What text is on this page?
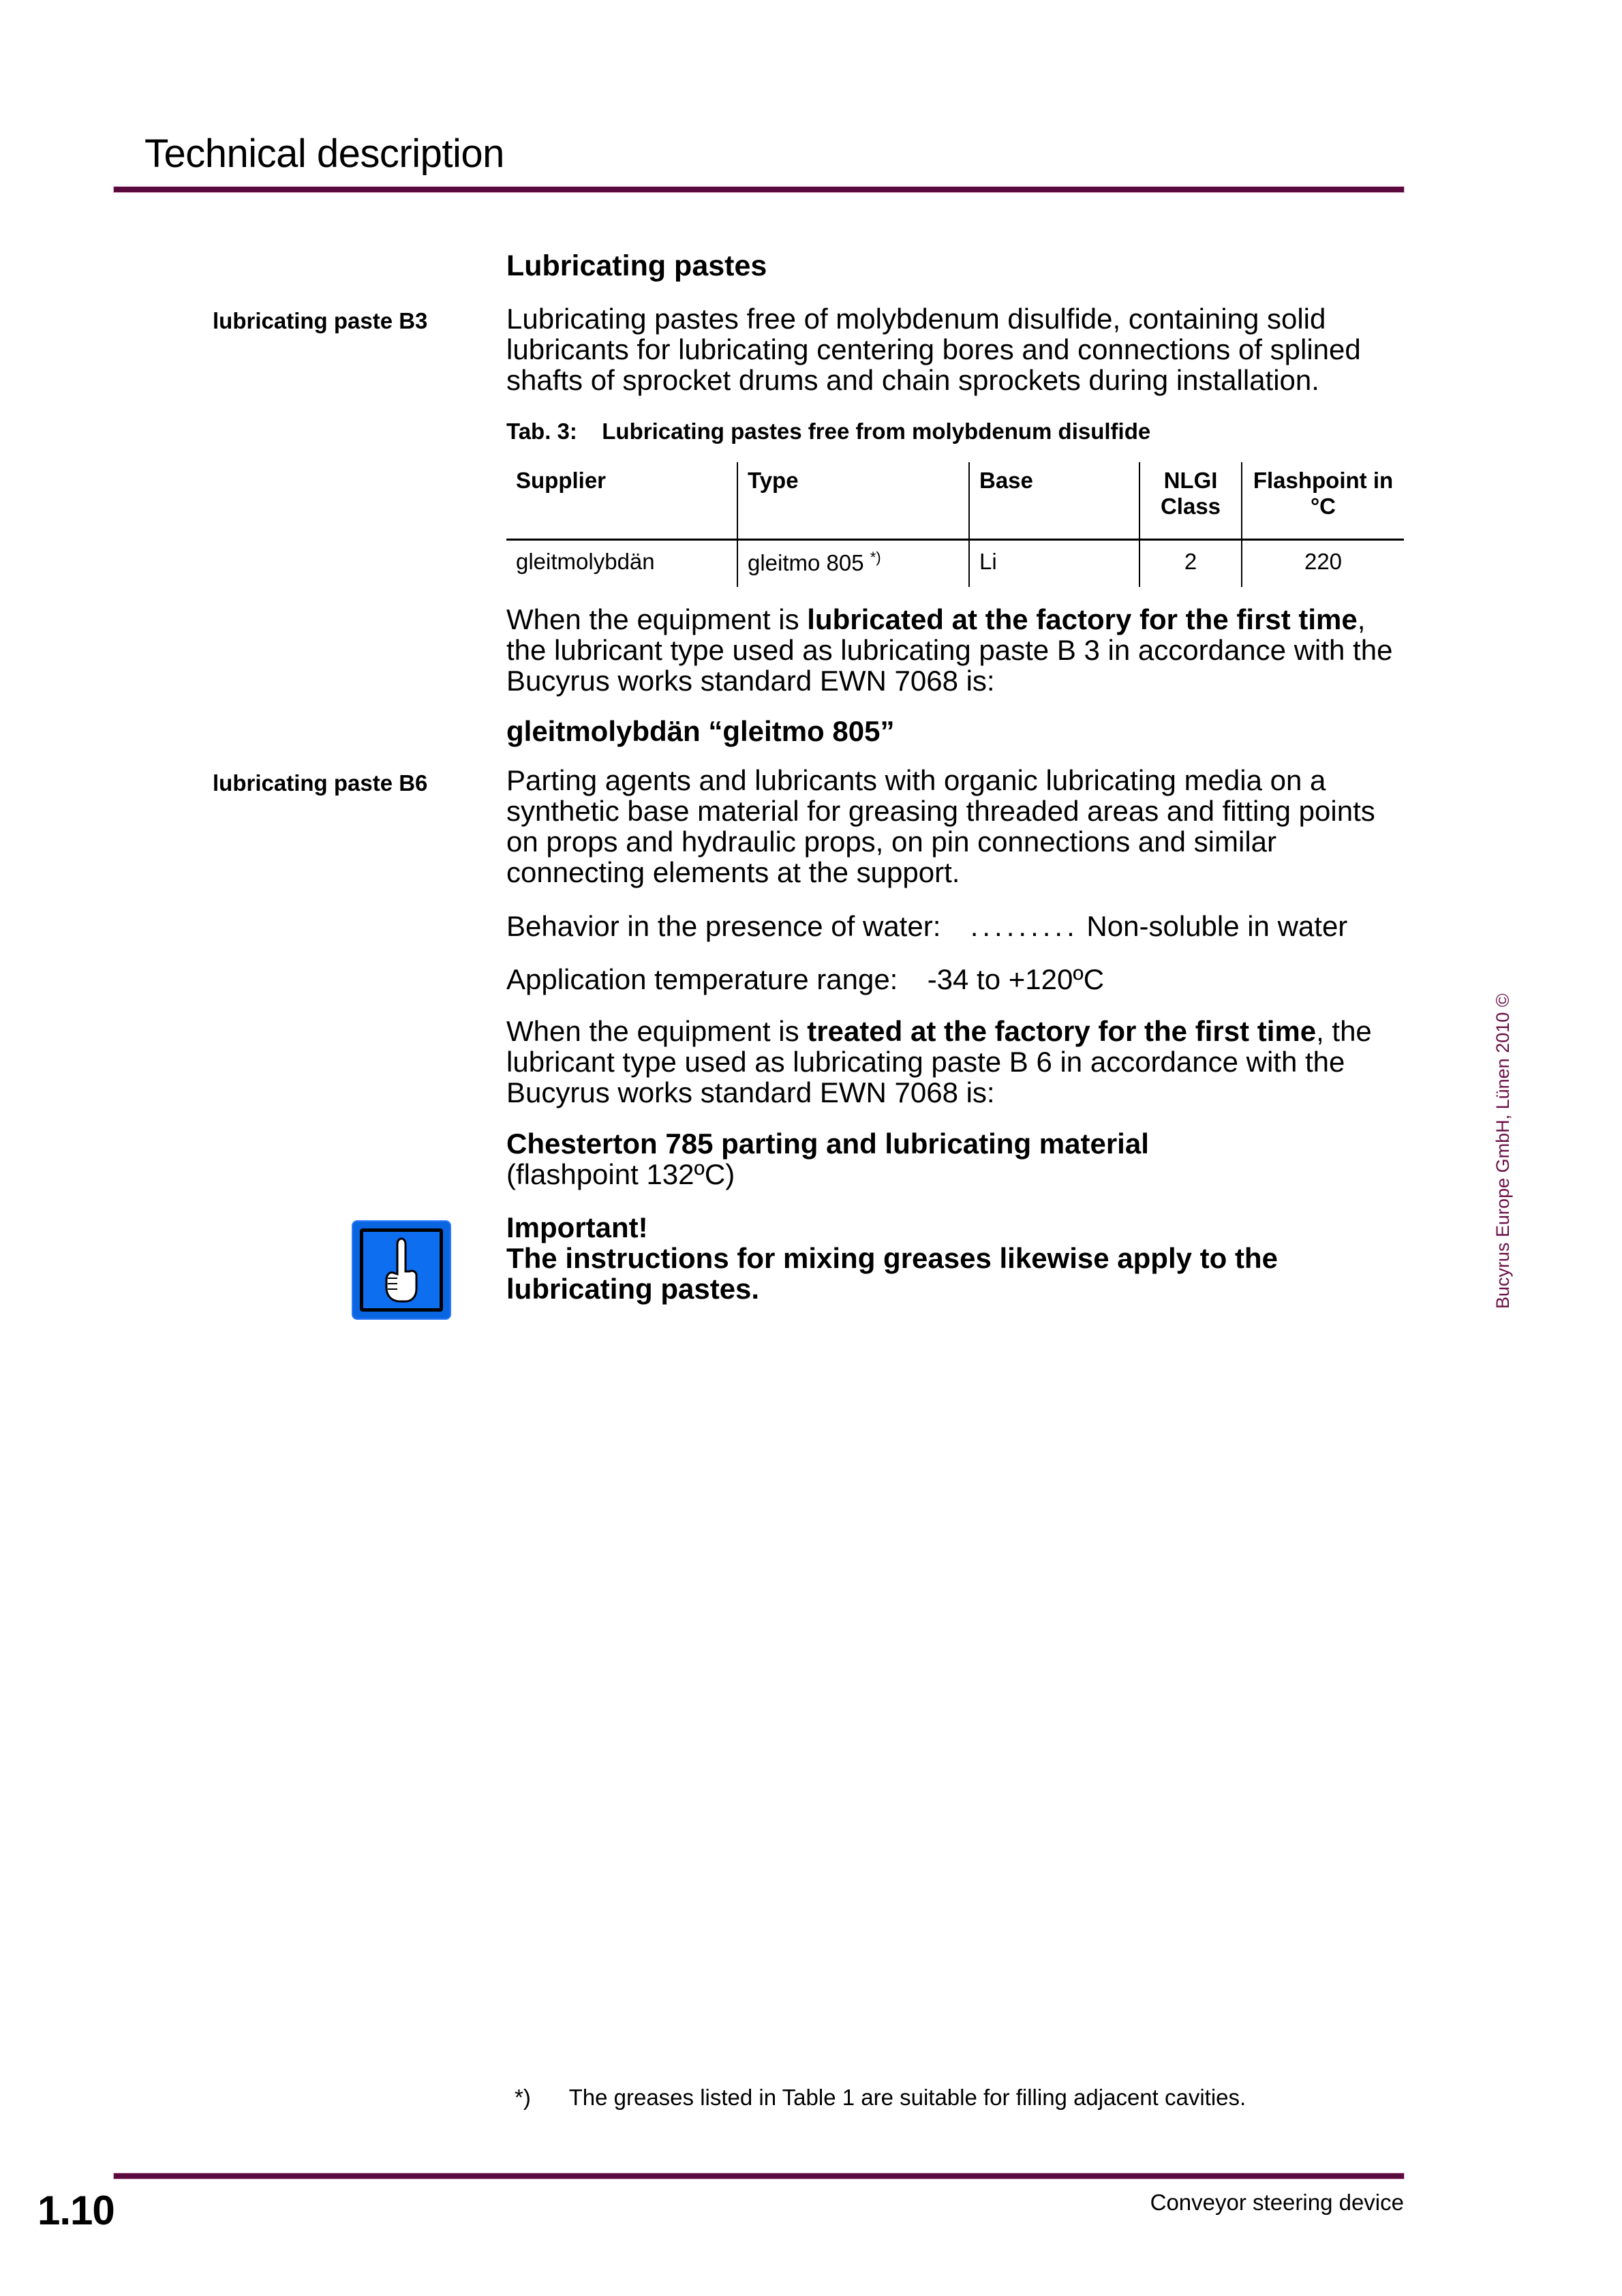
Technical description
Lubricating pastes
lubricating paste B3	Lubricating pastes free of molybdenum disulfide, containing solid lubricants for lubricating centering bores and connections of splined shafts of sprocket drums and chain sprockets during installation.
Tab. 3: Lubricating pastes free from molybdenum disulfide
Supplier	Type	Base	NLGI Class	Flashpoint in °C
gleitmolybdän	gleitmo 805 *)	Li	2	220
When the equipment is lubricated at the factory for the first time, the lubricant type used as lubricating paste B 3 in accordance with the Bucyrus works standard EWN 7068 is:
gleitmolybdän “gleitmo 805”
lubricating paste B6	Parting agents and lubricants with organic lubricating media on a synthetic base material for greasing threaded areas and fitting points on props and hydraulic props, on pin connections and similar connecting elements at the support.
Behavior in the presence of water: ......... Non-soluble in water
Application temperature range: -34 to +120ºC
When the equipment is treated at the factory for the first time, the lubricant type used as lubricating paste B 6 in accordance with the Bucyrus works standard EWN 7068 is:
Chesterton 785 parting and lubricating material
(flashpoint 132ºC)
Important!
The instructions for mixing greases likewise apply to the lubricating pastes.	Bucyrus Europe GmbH, Lünen 2010 ©
*) The greases listed in Table 1 are suitable for filling adjacent cavities.
1.10	Conveyor steering device
